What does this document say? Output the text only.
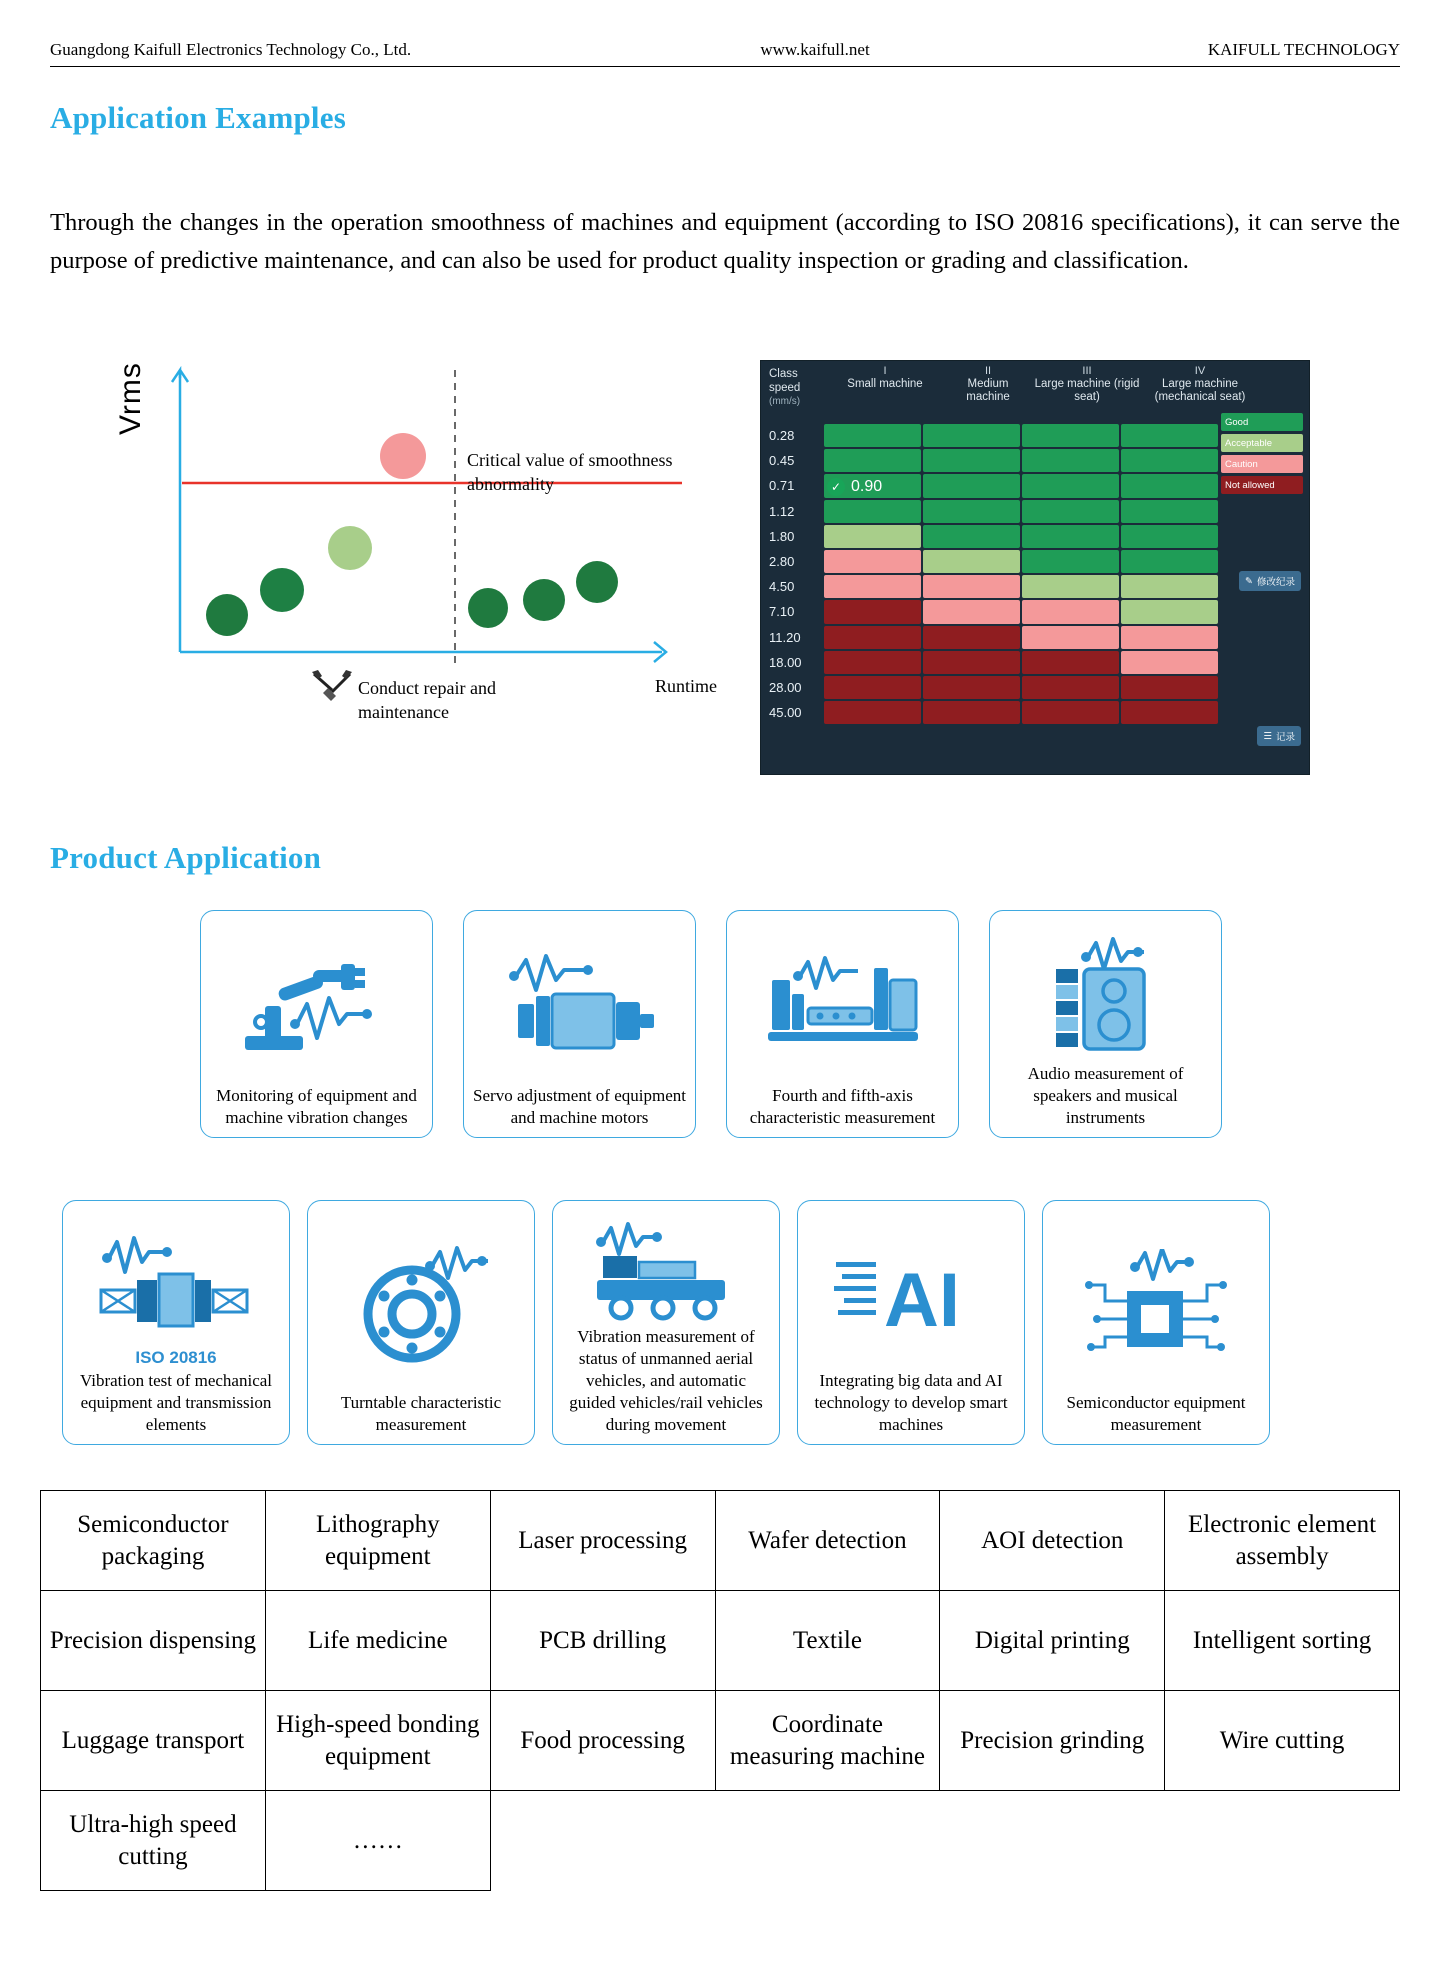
Guangdong Kaifull Electronics Technology Co., Ltd.	www.kaifull.net	KAIFULL TECHNOLOGY
Application Examples
Through the changes in the operation smoothness of machines and equipment (according to ISO 20816 specifications), it can serve the purpose of predictive maintenance, and can also be used for product quality inspection or grading and classification.
Vrms
Critical value of smoothness abnormality
Conduct repair and maintenance
Runtime
Class
speed
(mm/s)
I
Small machine
II
Medium machine
III
Large machine (rigid seat)
IV
Large machine (mechanical seat)
0.28
0.45
0.71
1.12
1.80
2.80
4.50
7.10
11.20
18.00
28.00
45.00
Good
Acceptable
Caution
Not allowed
✓ 0.90
✎ 修改纪录
☰ 记录
Product Application
Monitoring of equipment and machine vibration changes
Servo adjustment of equipment and machine motors
Fourth and fifth-axis characteristic measurement
Audio measurement of speakers and musical instruments
ISO 20816
Vibration test of mechanical equipment and transmission elements
Turntable characteristic measurement
Vibration measurement of status of unmanned aerial vehicles, and automatic guided vehicles/rail vehicles during movement
AI
Integrating big data and AI technology to develop smart machines
Semiconductor equipment measurement
Semiconductor packaging	Lithography equipment	Laser processing	Wafer detection	AOI detection	Electronic element assembly
Precision dispensing	Life medicine	PCB drilling	Textile	Digital printing	Intelligent sorting
Luggage transport	High-speed bonding equipment	Food processing	Coordinate measuring machine	Precision grinding	Wire cutting
Ultra-high speed cutting	……				
